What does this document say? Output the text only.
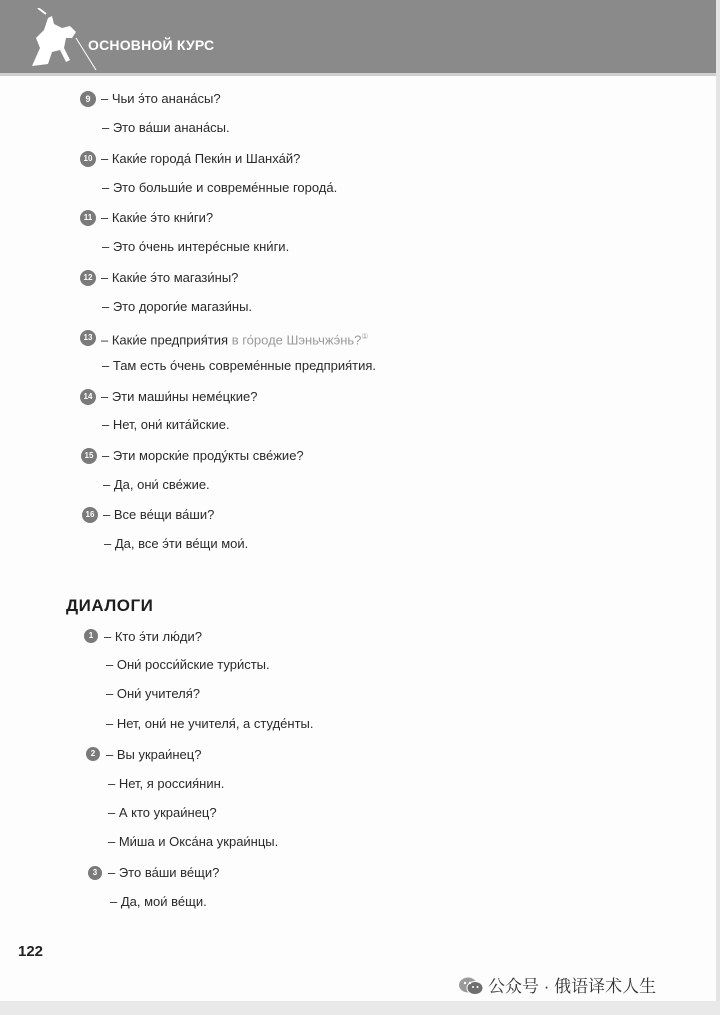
ОСНОВНОЙ КУРС
9 – Чьи э́то анана́сы?
– Это ва́ши анана́сы.
10 – Каки́е города́ Пеки́н и Шанха́й?
– Это больши́е и совреме́нные города́.
11 – Каки́е э́то кни́ги?
– Это о́чень интере́сные кни́ги.
12 – Каки́е э́то магази́ны?
– Это дороги́е магази́ны.
13 – Каки́е предприя́тия в го́роде Шэньчжэ́нь?①
– Там есть о́чень совреме́нные предприя́тия.
14 – Эти маши́ны неме́цкие?
– Нет, они́ кита́йские.
15 – Эти морски́е проду́кты све́жие?
– Да, они́ све́жие.
16 – Все ве́щи ва́ши?
– Да, все э́ти ве́щи мои́.
ДИАЛОГИ
1 – Кто э́ти лю́ди?
– Они́ росси́йские тури́сты.
– Они́ учителя́?
– Нет, они́ не учителя́, а студе́нты.
2 – Вы украи́нец?
– Нет, я россия́нин.
– А кто украи́нец?
– Ми́ша и Окса́на украи́нцы.
3 – Это ва́ши ве́щи?
– Да, мои́ ве́щи.
122
公众号 · 俄语译术人生
